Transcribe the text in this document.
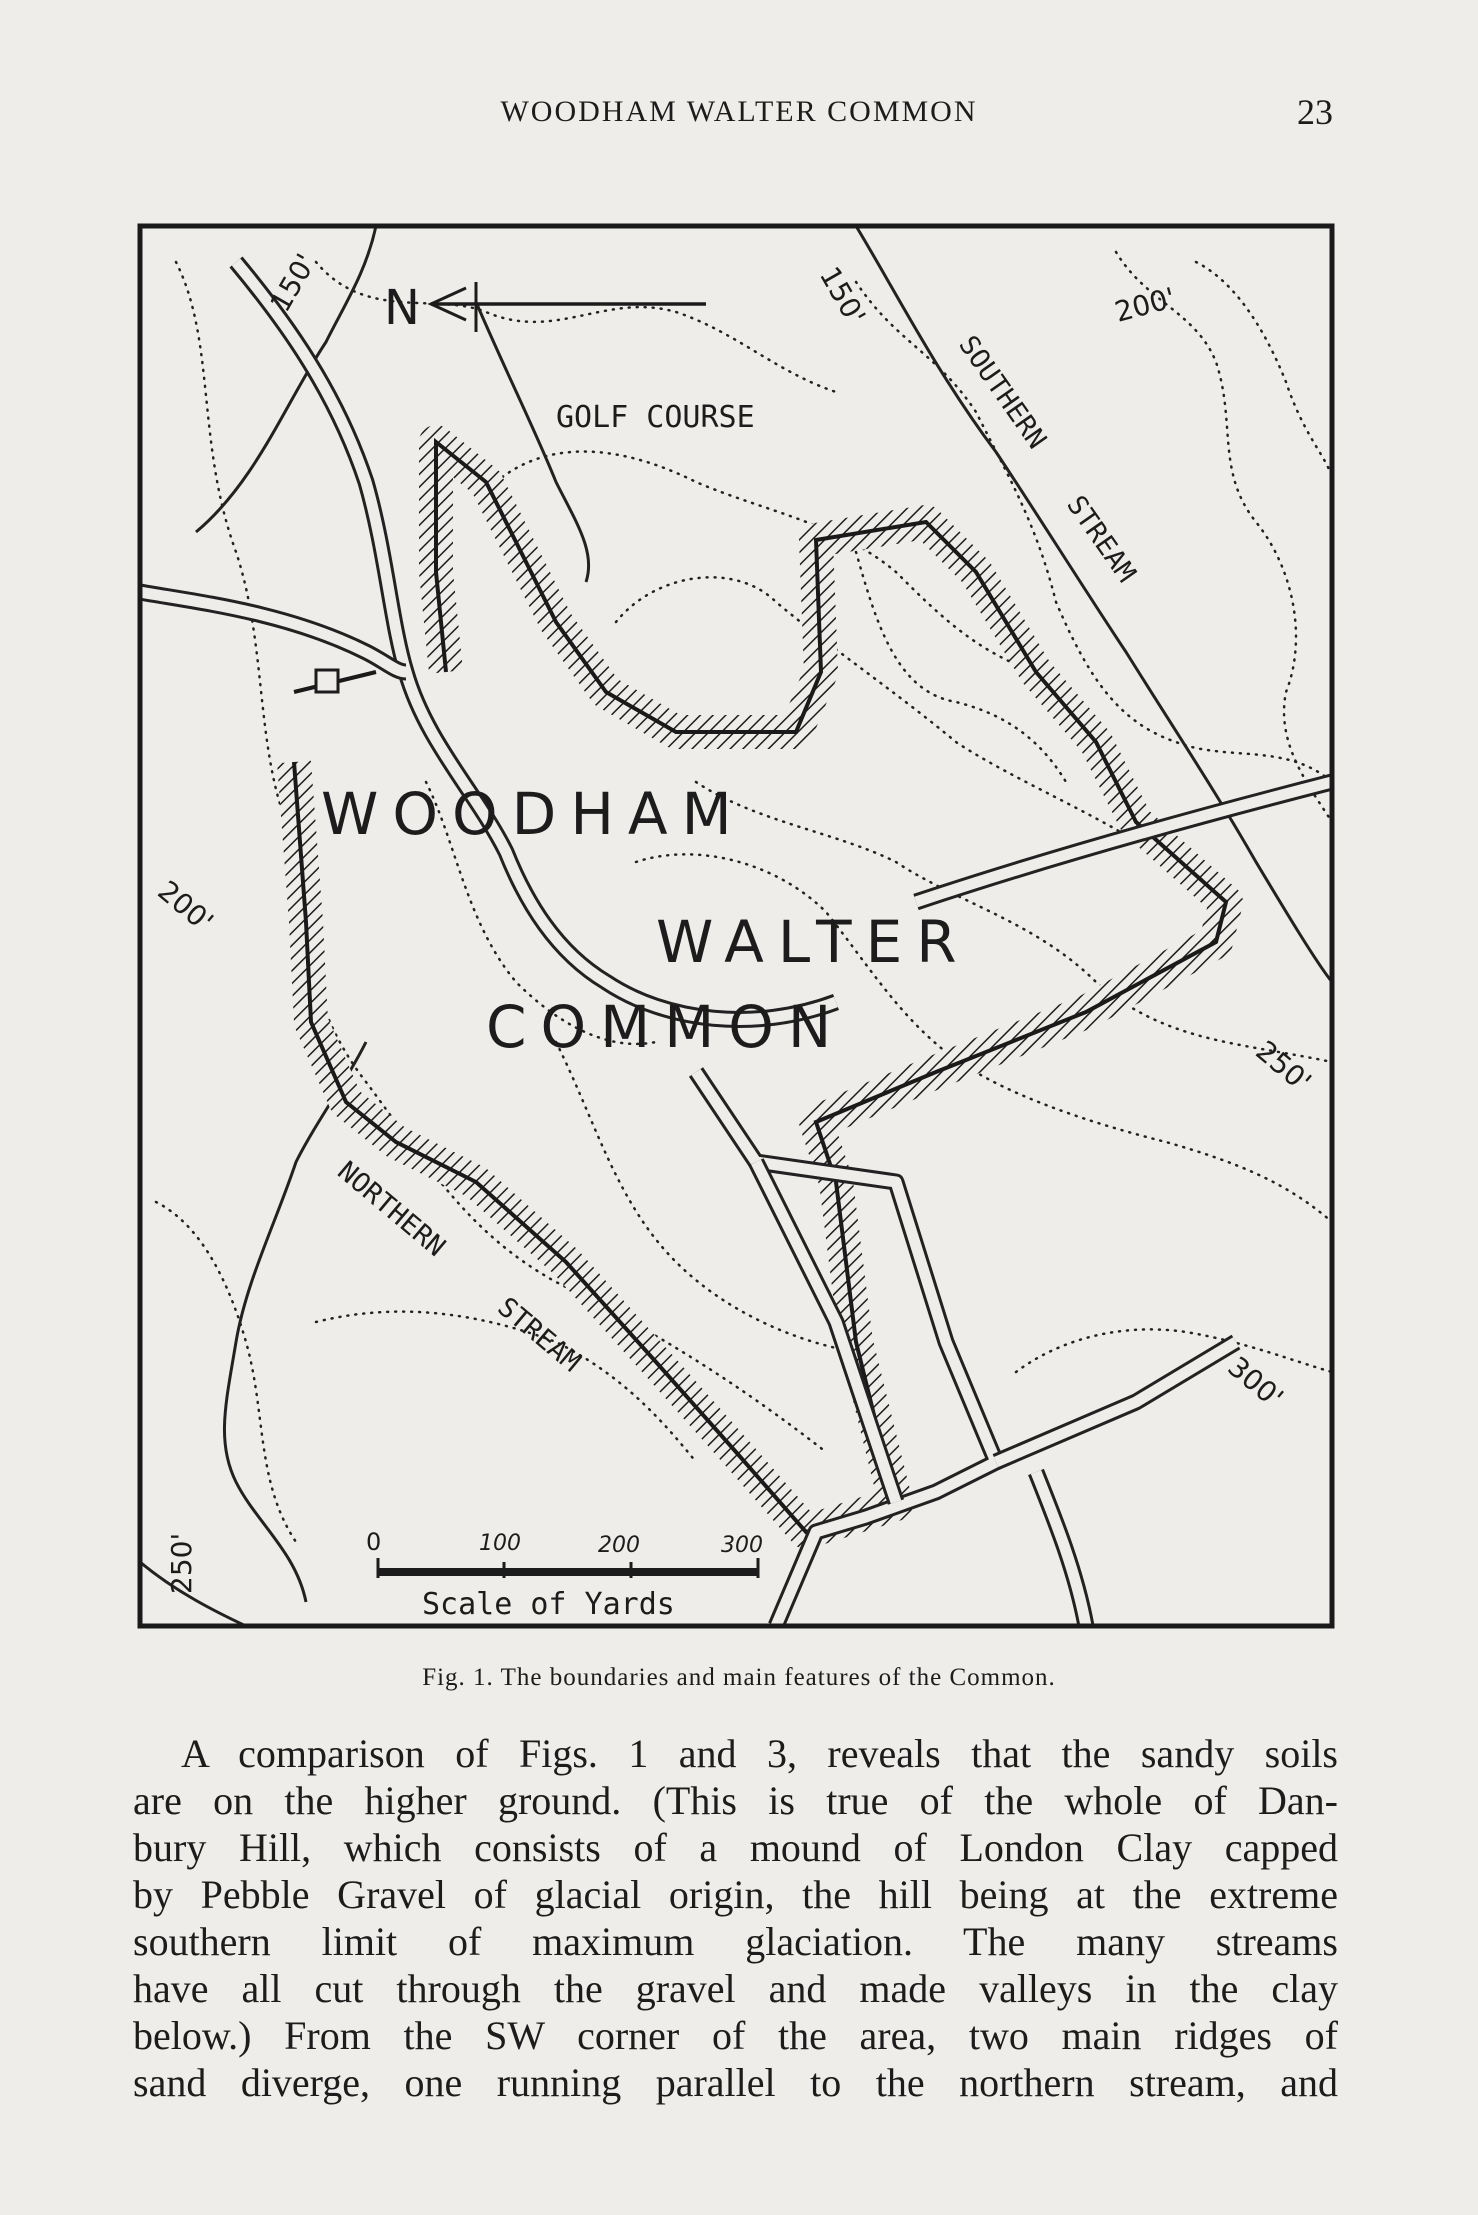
WOODHAM WALTER COMMON	23
N
GOLF COURSE
WOODHAM
WALTER
COMMON
SOUTHERN
STREAM
NORTHERN
STREAM
150'	150'	200'
200'
250'
250'
300'
0	100	200	300
Scale of Yards
Fig. 1. The boundaries and main features of the Common.
A comparison of Figs. 1 and 3, reveals that the sandy soils
are on the higher ground. (This is true of the whole of Dan-
bury Hill, which consists of a mound of London Clay capped
by Pebble Gravel of glacial origin, the hill being at the extreme
southern limit of maximum glaciation. The many streams
have all cut through the gravel and made valleys in the clay
below.) From the SW corner of the area, two main ridges of
sand diverge, one running parallel to the northern stream, and
